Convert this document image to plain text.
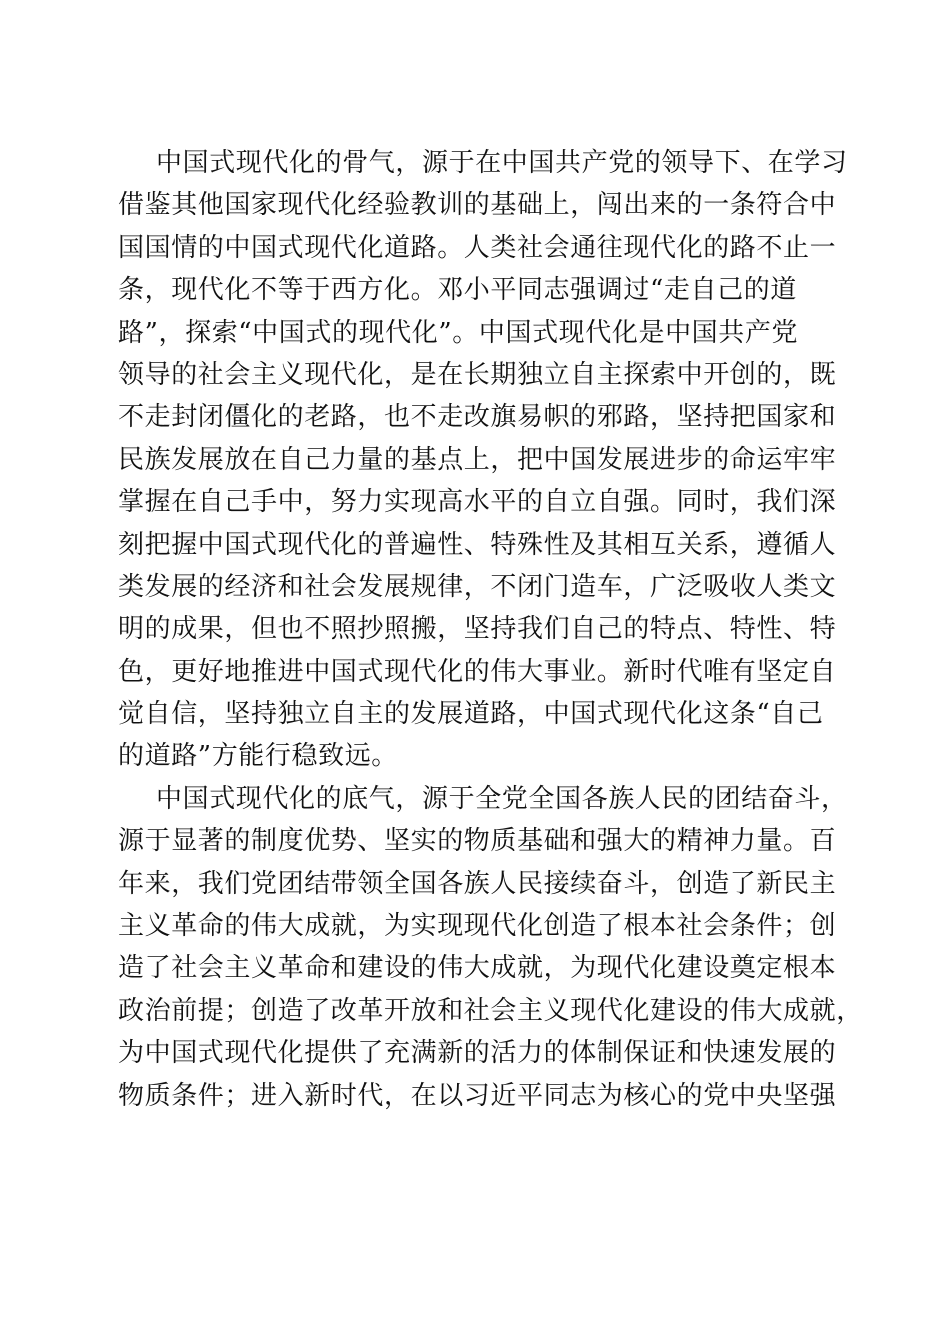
中国式现代化的骨气，源于在中国共产党的领导下、在学习
借鉴其他国家现代化经验教训的基础上，闯出来的一条符合中
国国情的中国式现代化道路。人类社会通往现代化的路不止一
条，现代化不等于西方化。邓小平同志强调过“走自己的道
路”，探索“中国式的现代化”。中国式现代化是中国共产党
领导的社会主义现代化，是在长期独立自主探索中开创的，既
不走封闭僵化的老路，也不走改旗易帜的邪路，坚持把国家和
民族发展放在自己力量的基点上，把中国发展进步的命运牢牢
掌握在自己手中，努力实现高水平的自立自强。同时，我们深
刻把握中国式现代化的普遍性、特殊性及其相互关系，遵循人
类发展的经济和社会发展规律，不闭门造车，广泛吸收人类文
明的成果，但也不照抄照搬，坚持我们自己的特点、特性、特
色，更好地推进中国式现代化的伟大事业。新时代唯有坚定自
觉自信，坚持独立自主的发展道路，中国式现代化这条“自己
的道路”方能行稳致远。
中国式现代化的底气，源于全党全国各族人民的团结奋斗，
源于显著的制度优势、坚实的物质基础和强大的精神力量。百
年来，我们党团结带领全国各族人民接续奋斗，创造了新民主
主义革命的伟大成就，为实现现代化创造了根本社会条件；创
造了社会主义革命和建设的伟大成就，为现代化建设奠定根本
政治前提；创造了改革开放和社会主义现代化建设的伟大成就，
为中国式现代化提供了充满新的活力的体制保证和快速发展的
物质条件；进入新时代，在以习近平同志为核心的党中央坚强
